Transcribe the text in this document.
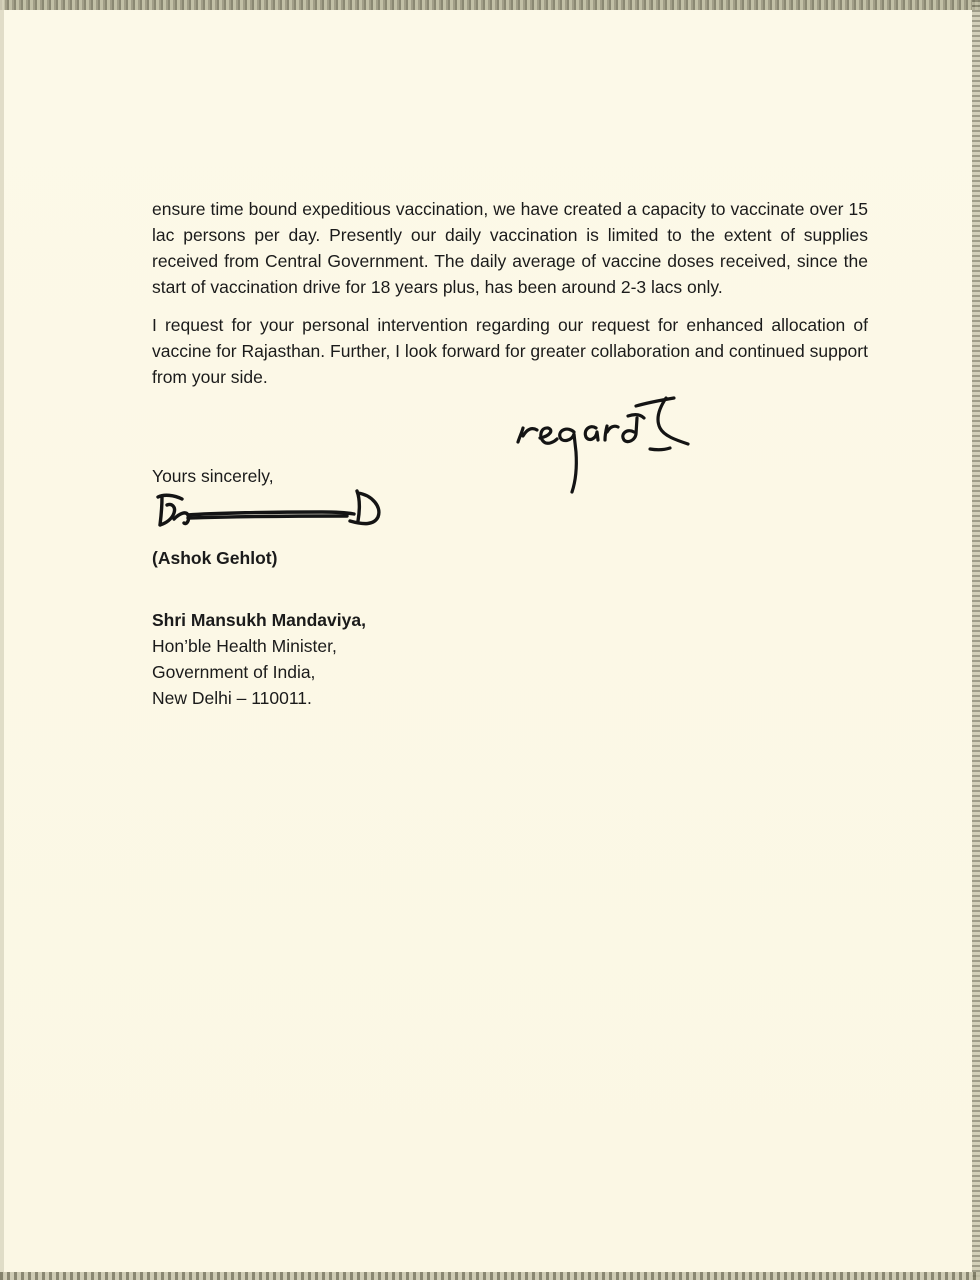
ensure time bound expeditious vaccination, we have created a capacity to vaccinate over 15 lac persons per day. Presently our daily vaccination is limited to the extent of supplies received from Central Government. The daily average of vaccine doses received, since the start of vaccination drive for 18 years plus, has been around 2-3 lacs only.

I request for your personal intervention regarding our request for enhanced allocation of vaccine for Rajasthan. Further, I look forward for greater collaboration and continued support from your side.

Yours sincerely,
(Ashok Gehlot)
Shri Mansukh Mandaviya,
Hon’ble Health Minister,
Government of India,
New Delhi – 110011.
